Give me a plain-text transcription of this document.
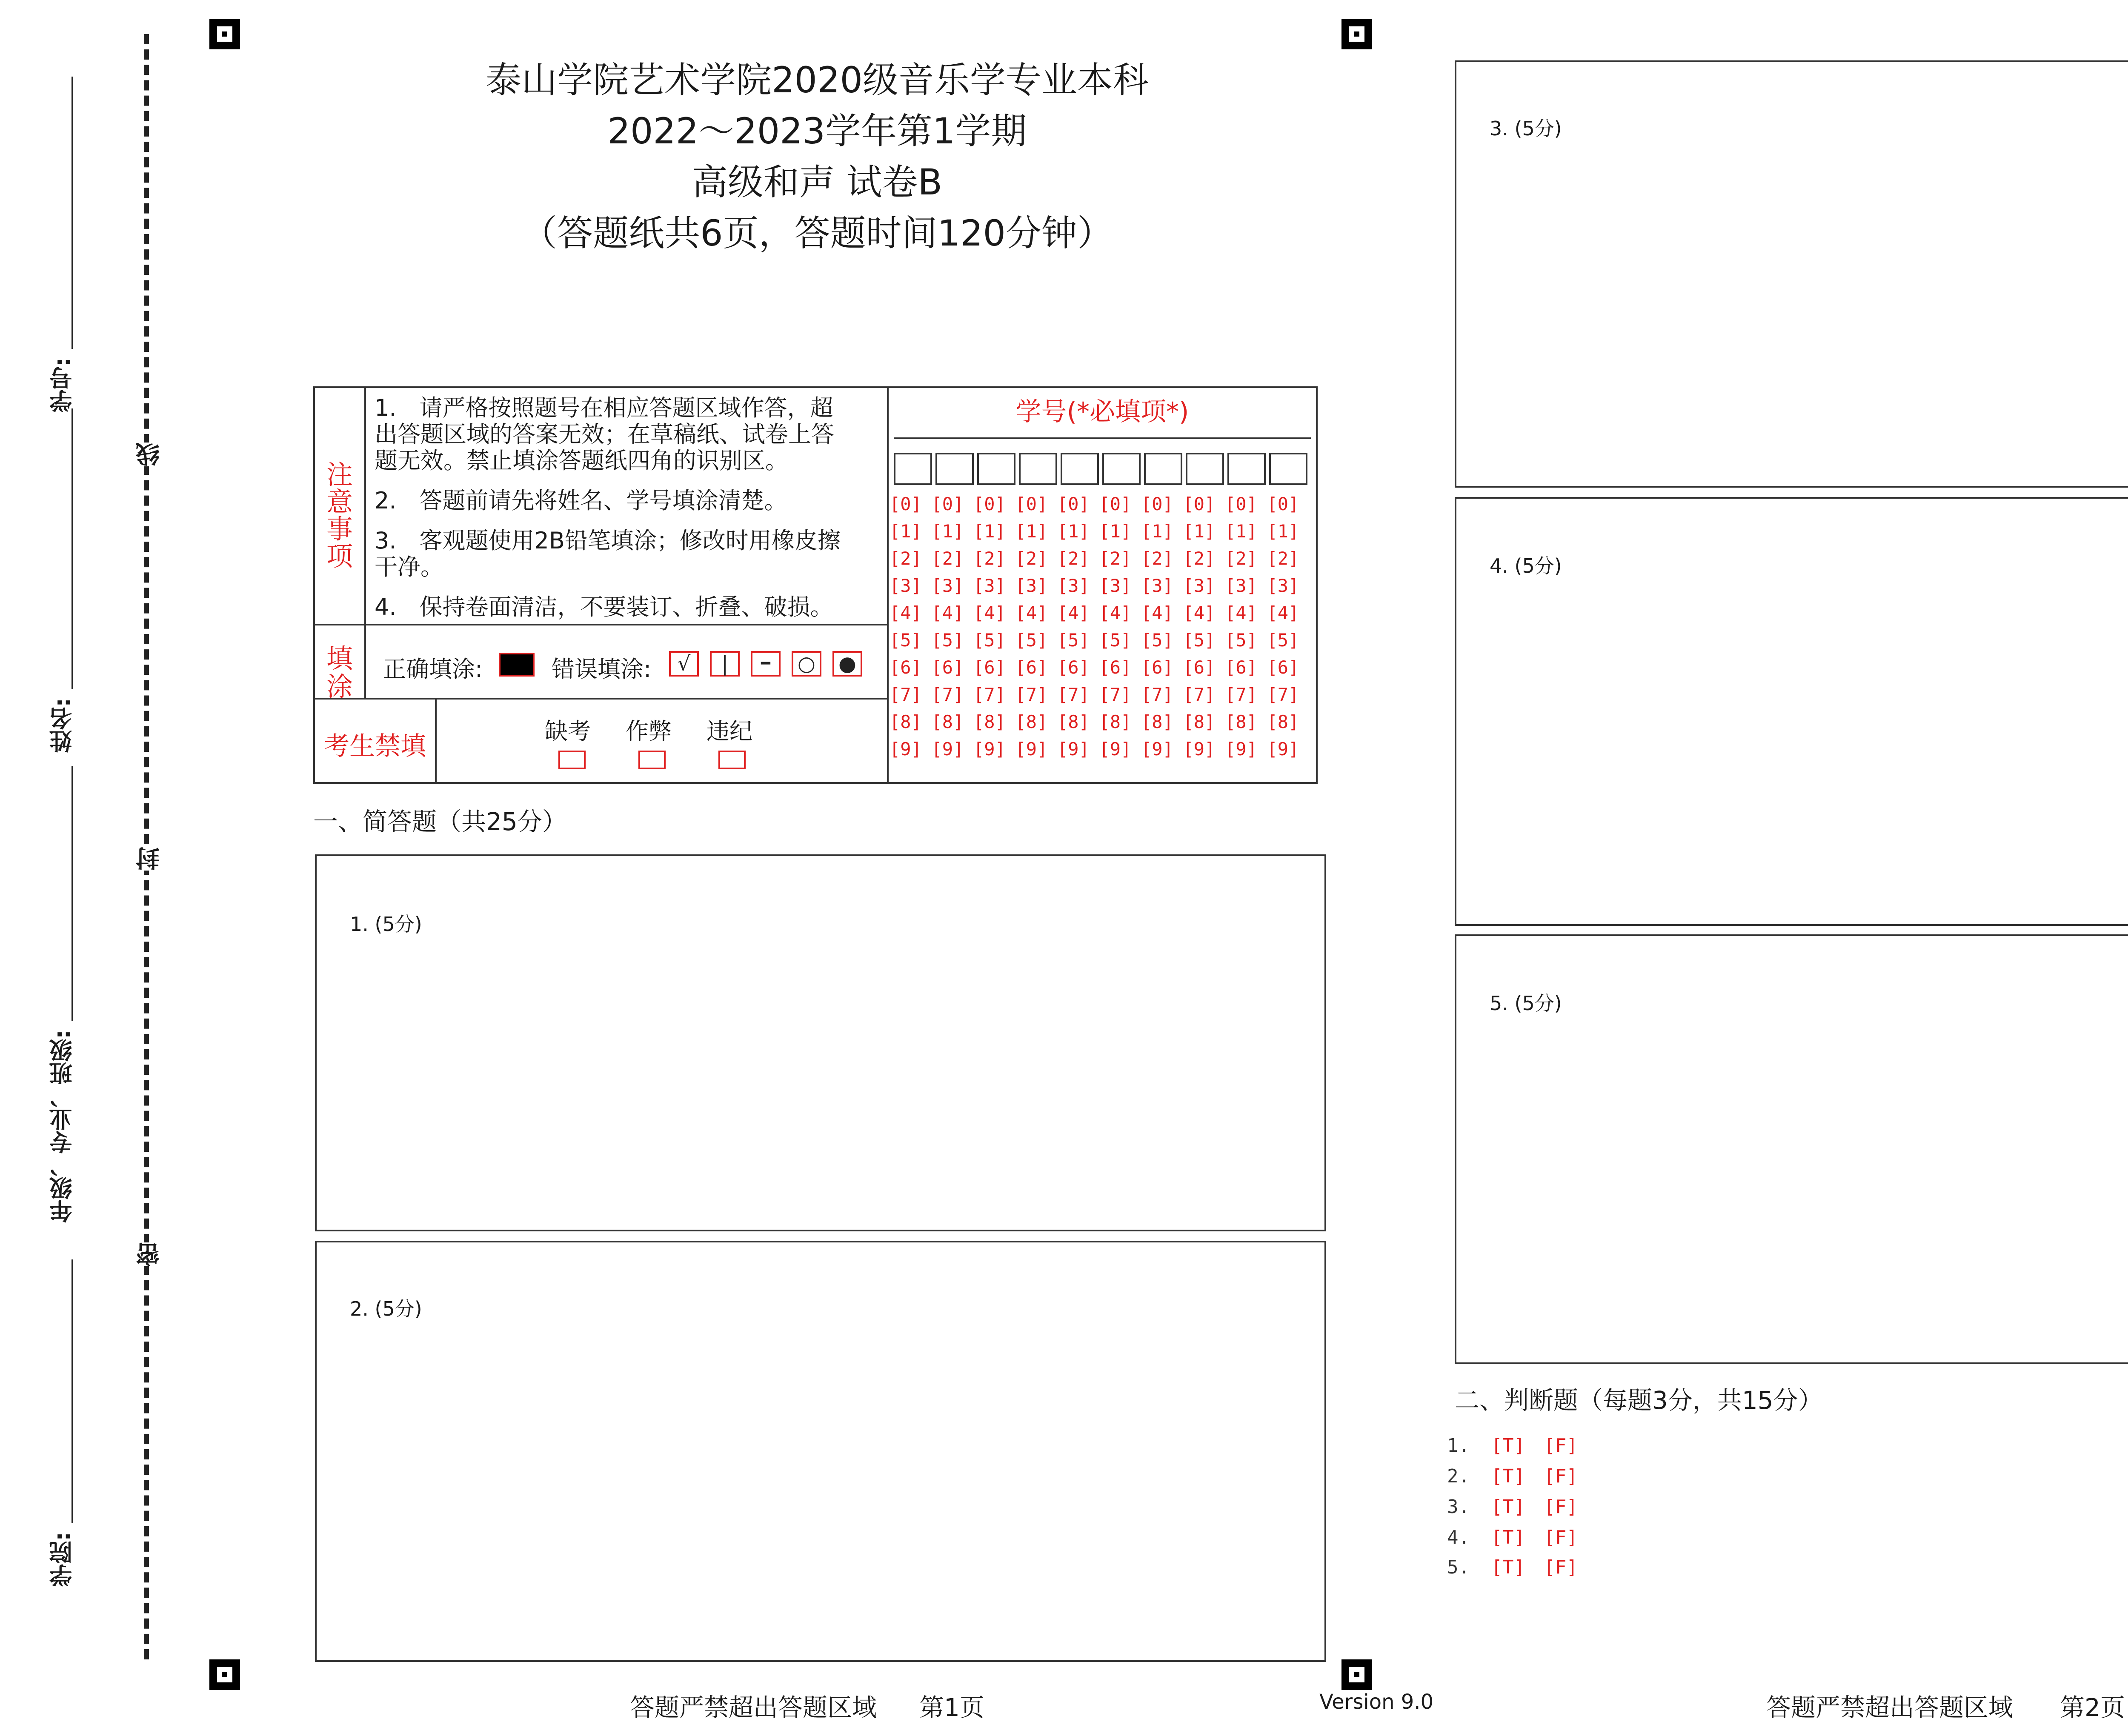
线
封
密
学号:
姓名:
年级、专业、班级:
学院:
泰山学院艺术学院2020级音乐学专业本科
2022～2023学年第1学期
高级和声 试卷B
（答题纸共6页，答题时间120分钟）
注
意
事
项
1.　请严格按照题号在相应答题区域作答，超出答题区域的答案无效；在草稿纸、试卷上答题无效。禁止填涂答题纸四角的识别区。
2.　答题前请先将姓名、学号填涂清楚。
3.　客观题使用2B铅笔填涂；修改时用橡皮擦干净。
4.　保持卷面清洁，不要装订、折叠、破损。
填
涂
正确填涂:	错误填涂:	√	|	━	○ ●
考生禁填
缺考 作弊 违纪
学号(*必填项*)
[0] [0] [0] [0] [0] [0] [0] [0] [0] [0]
[1] [1] [1] [1] [1] [1] [1] [1] [1] [1]
[2] [2] [2] [2] [2] [2] [2] [2] [2] [2]
[3] [3] [3] [3] [3] [3] [3] [3] [3] [3]
[4] [4] [4] [4] [4] [4] [4] [4] [4] [4]
[5] [5] [5] [5] [5] [5] [5] [5] [5] [5]
[6] [6] [6] [6] [6] [6] [6] [6] [6] [6]
[7] [7] [7] [7] [7] [7] [7] [7] [7] [7]
[8] [8] [8] [8] [8] [8] [8] [8] [8] [8]
[9] [9] [9] [9] [9] [9] [9] [9] [9] [9]
一、简答题（共25分）
1. (5分)
2. (5分)
3. (5分)
4. (5分)
5. (5分)
二、判断题（每题3分，共15分）
1. [T] [F]
2. [T] [F]
3. [T] [F]
4. [T] [F]
5. [T] [F]
答题严禁超出答题区域 第1页	Version 9.0	答题严禁超出答题区域 第2页
